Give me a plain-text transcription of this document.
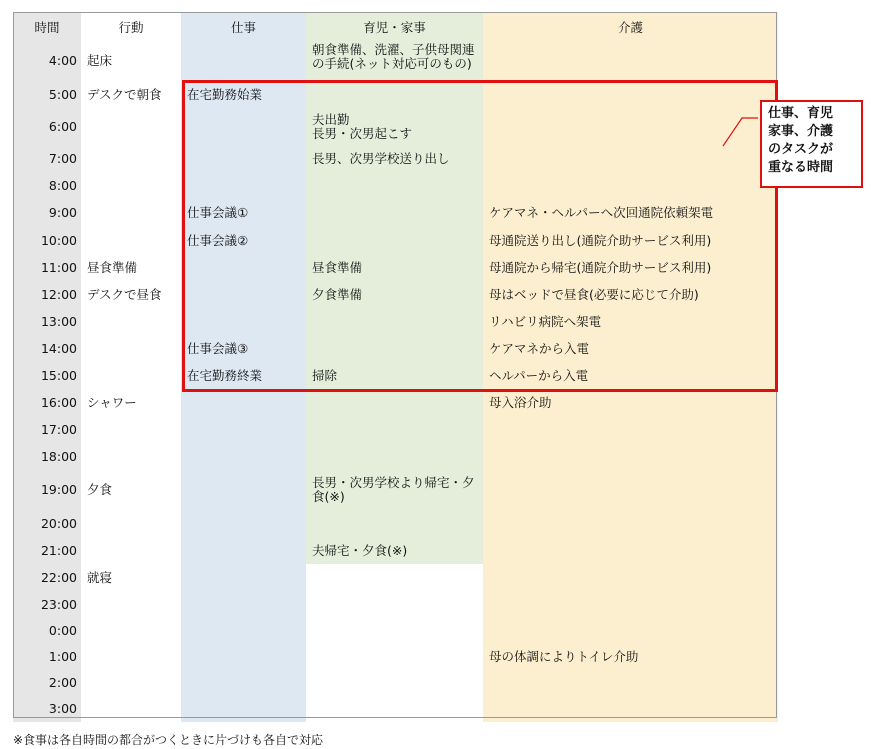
時間	行動	仕事	育児・家事	介護
4:00	起床		朝食準備、洗濯、子供母関連の手続(ネット対応可のもの)	

5:00	デスクで朝食	在宅勤務始業		
6:00			夫出勤
長男・次男起こす	
7:00			長男、次男学校送り出し	
8:00				
9:00		仕事会議①		ケアマネ・ヘルパーへ次回通院依頼架電
10:00		仕事会議②		母通院送り出し(通院介助サービス利用)
11:00	昼食準備		昼食準備	母通院から帰宅(通院介助サービス利用)
12:00	デスクで昼食		夕食準備	母はベッドで昼食(必要に応じて介助)
13:00				リハビリ病院へ架電
14:00		仕事会議③		ケアマネから入電
15:00		在宅勤務終業	掃除	ヘルパーから入電
16:00	シャワー			母入浴介助
17:00				
18:00				
19:00	夕食		長男・次男学校より帰宅・夕食(※)	
20:00				
21:00			夫帰宅・夕食(※)	
22:00	就寝			
23:00				
0:00				
1:00				母の体調によりトイレ介助
2:00				
3:00				
仕事、育児
家事、介護
のタスクが
重なる時間
※食事は各自時間の都合がつくときに片づけも各自で対応
